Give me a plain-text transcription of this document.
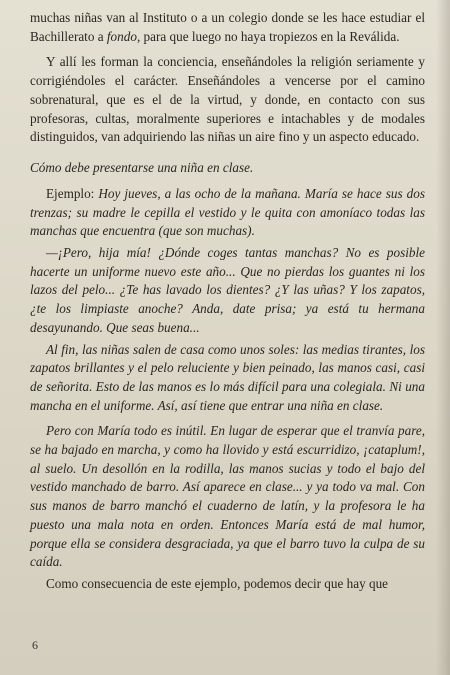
muchas niñas van al Instituto o a un colegio donde se les hace estudiar el Bachillerato a fondo, para que luego no haya tropiezos en la Reválida.

Y allí les forman la conciencia, enseñándoles la religión seriamente y corrigiéndoles el carácter. Enseñándoles a vencerse por el camino sobrenatural, que es el de la virtud, y donde, en contacto con sus profesoras, cultas, moralmente superiores e intachables y de modales distinguidos, van adquiriendo las niñas un aire fino y un aspecto educado.

Cómo debe presentarse una niña en clase.

Ejemplo: Hoy jueves, a las ocho de la mañana. María se hace sus dos trenzas; su madre le cepilla el vestido y le quita con amoníaco todas las manchas que encuentra (que son muchas).

—¡Pero, hija mía! ¿Dónde coges tantas manchas? No es posible hacerte un uniforme nuevo este año... Que no pierdas los guantes ni los lazos del pelo... ¿Te has lavado los dientes? ¿Y las uñas? Y los zapatos, ¿te los limpiaste anoche? Anda, date prisa; ya está tu hermana desayunando. Que seas buena...

Al fin, las niñas salen de casa como unos soles: las medias tirantes, los zapatos brillantes y el pelo reluciente y bien peinado, las manos casi, casi de señorita. Esto de las manos es lo más difícil para una colegiala. Ni una mancha en el uniforme. Así, así tiene que entrar una niña en clase.

Pero con María todo es inútil. En lugar de esperar que el tranvía pare, se ha bajado en marcha, y como ha llovido y está escurridizo, ¡cataplum!, al suelo. Un desollón en la rodilla, las manos sucias y todo el bajo del vestido manchado de barro. Así aparece en clase... y ya todo va mal. Con sus manos de barro manchó el cuaderno de latín, y la profesora le ha puesto una mala nota en orden. Entonces María está de mal humor, porque ella se considera desgraciada, ya que el barro tuvo la culpa de su caída.

Como consecuencia de este ejemplo, podemos decir que hay que

6
